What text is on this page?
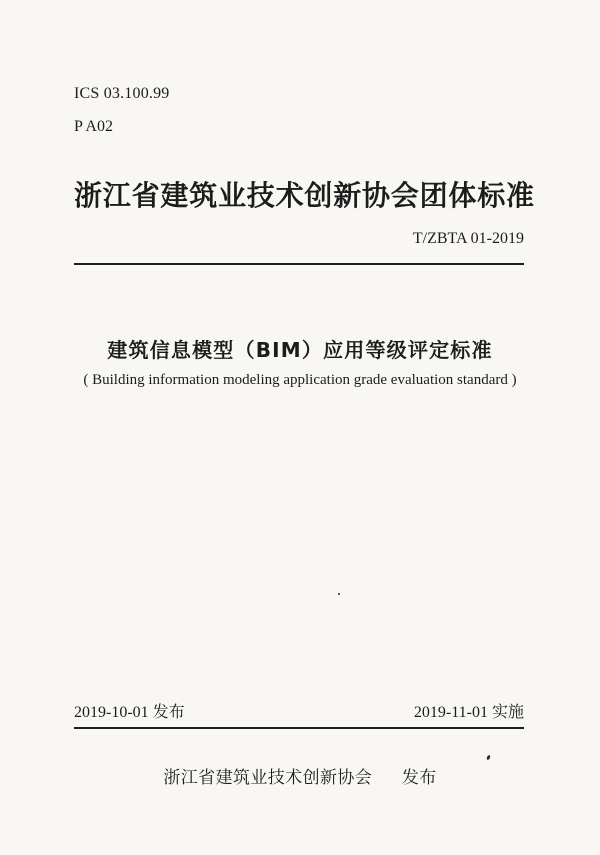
ICS 03.100.99
P A02
浙江省建筑业技术创新协会团体标准
T/ZBTA 01-2019
建筑信息模型（BIM）应用等级评定标准
( Building information modeling application grade evaluation standard )
2019-10-01 发布	2019-11-01 实施
浙江省建筑业技术创新协会 发布
